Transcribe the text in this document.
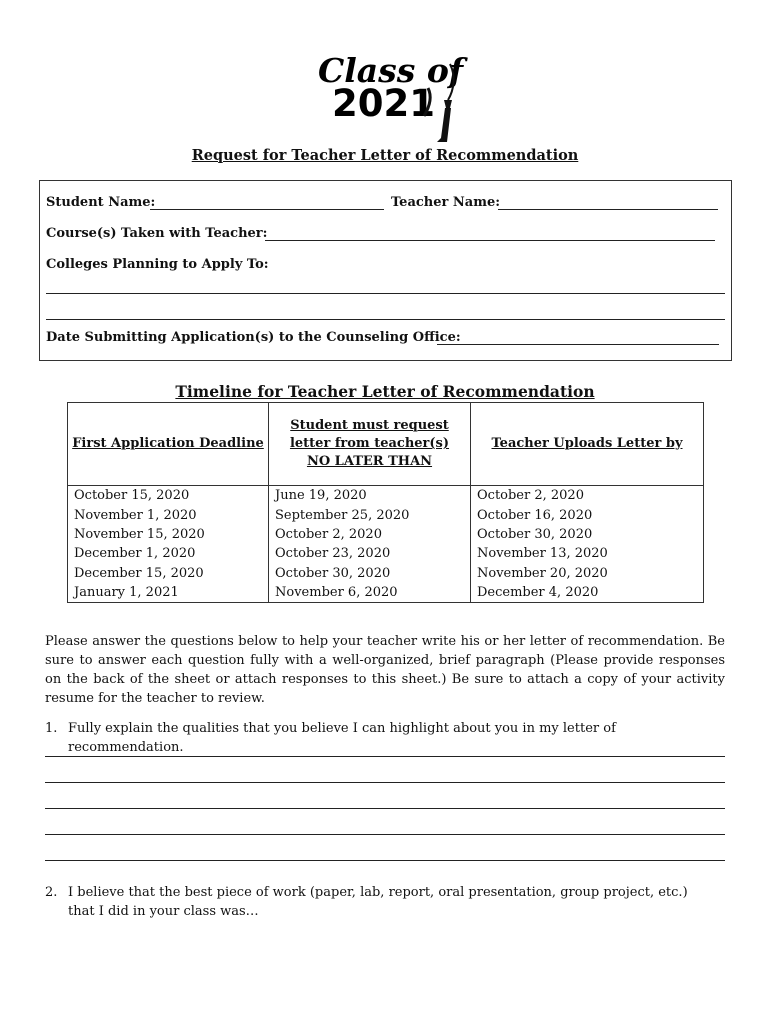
Class of
2021
Request for Teacher Letter of Recommendation
Student Name:	Teacher Name:
Course(s) Taken with Teacher:
Colleges Planning to Apply To:
Date Submitting Application(s) to the Counseling Office:
Timeline for Teacher Letter of Recommendation
First Application Deadline	Student must request letter from teacher(s) NO LATER THAN	Teacher Uploads Letter by
October 15, 2020	June 19, 2020	October 2, 2020
November 1, 2020	September 25, 2020	October 16, 2020
November 15, 2020	October 2, 2020	October 30, 2020
December 1, 2020	October 23, 2020	November 13, 2020
December 15, 2020	October 30, 2020	November 20, 2020
January 1, 2021	November 6, 2020	December 4, 2020

Please answer the questions below to help your teacher write his or her letter of recommendation. Be sure to answer each question fully with a well-organized, brief paragraph (Please provide responses on the back of the sheet or attach responses to this sheet.) Be sure to attach a copy of your activity resume for the teacher to review.

1. Fully explain the qualities that you believe I can highlight about you in my letter of recommendation.
2. I believe that the best piece of work (paper, lab, report, oral presentation, group project, etc.) that I did in your class was…
